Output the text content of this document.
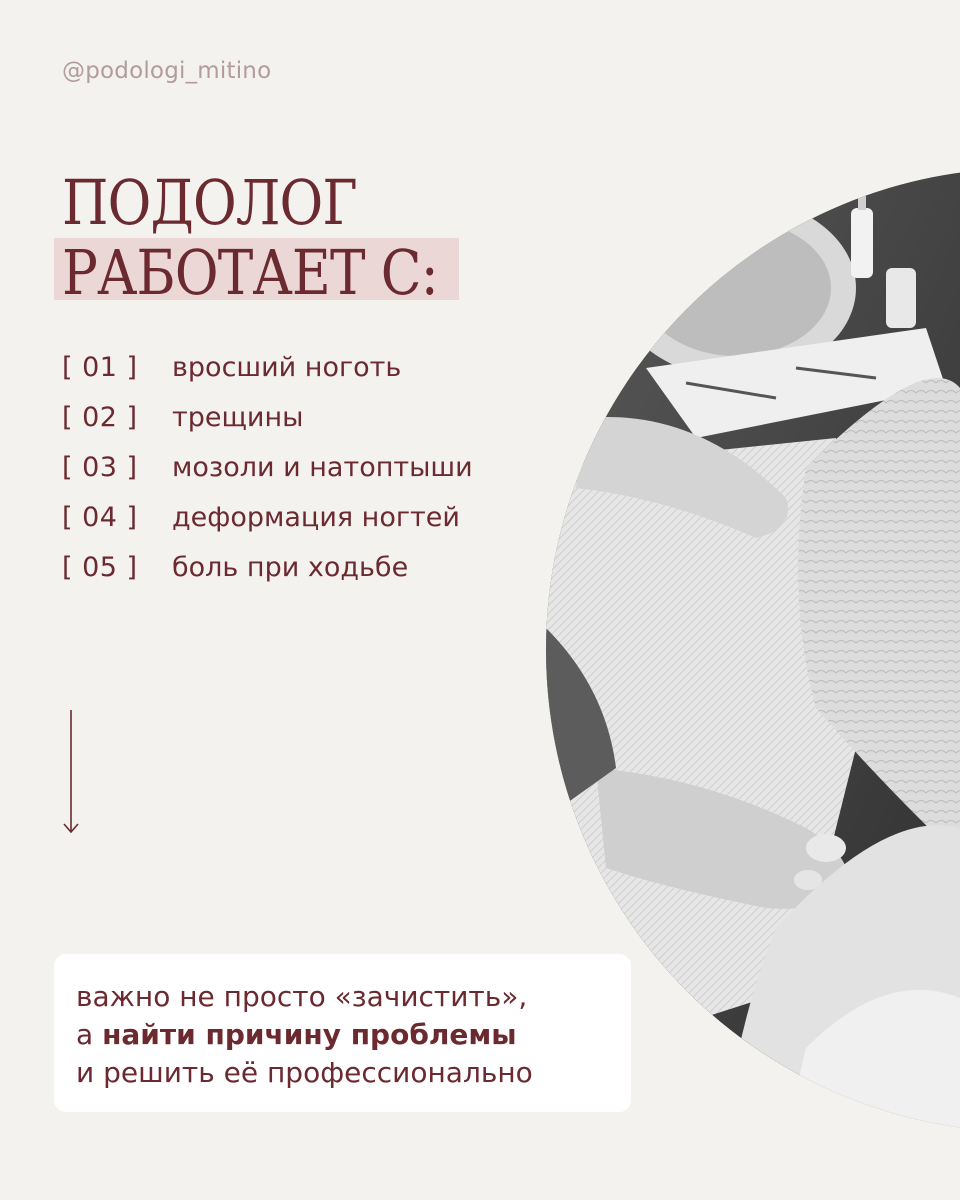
@podologi_mitino
ПОДОЛОГ
РАБОТАЕТ С:
[ 01 ]	вросший ноготь
[ 02 ]	трещины
[ 03 ]	мозоли и натоптыши
[ 04 ]	деформация ногтей
[ 05 ]	боль при ходьбе
важно не просто «зачистить»,
а найти причину проблемы
и решить её профессионально
